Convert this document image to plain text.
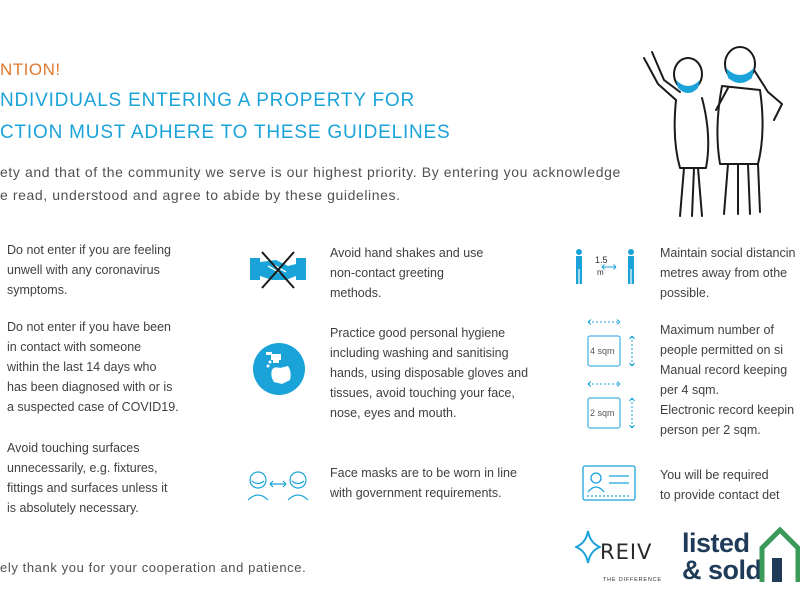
NTION!
NDIVIDUALS ENTERING A PROPERTY FOR
CTION MUST ADHERE TO THESE GUIDELINES
ety and that of the community we serve is our highest priority. By entering you acknowledge
e read, understood and agree to abide by these guidelines.
Do not enter if you are feeling
unwell with any coronavirus
symptoms.
Do not enter if you have been
in contact with someone
within the last 14 days who
has been diagnosed with or is
a suspected case of COVID19.
Avoid touching surfaces
unnecessarily, e.g. fixtures,
fittings and surfaces unless it
is absolutely necessary.
Avoid hand shakes and use
non-contact greeting
methods.
Practice good personal hygiene
including washing and sanitising
hands, using disposable gloves and
tissues, avoid touching your face,
nose, eyes and mouth.
Face masks are to be worn in line
with government requirements.
1.5
m
4 sqm
2 sqm
Maintain social distancin
metres away from othe
possible.
Maximum number of
people permitted on si
Manual record keeping
per 4 sqm.
Electronic record keepin
person per 2 sqm.
You will be required
to provide contact det
ely thank you for your cooperation and patience.
REIV
THE DIFFERENCE
listed
& sold
